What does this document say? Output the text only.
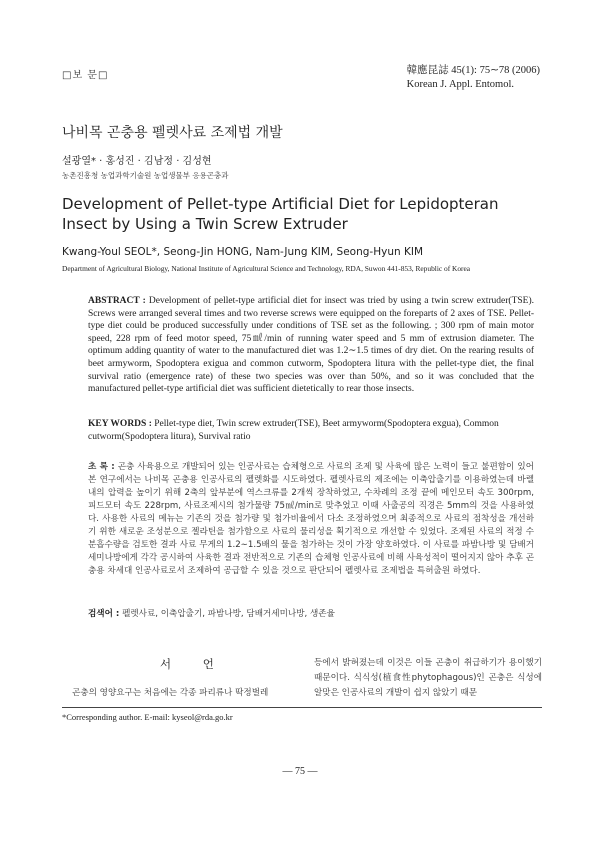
□보 문□	韓應昆誌 45(1): 75∼78 (2006)
Korean J. Appl. Entomol.
나비목 곤충용 펠렛사료 조제법 개발
설광열* · 홍성진 · 김남정 · 김성현
농촌진흥청 농업과학기술원 농업생물부 응용곤충과
Development of Pellet-type Artificial Diet for Lepidopteran Insect by Using a Twin Screw Extruder
Kwang-Youl SEOL*, Seong-Jin HONG, Nam-Jung KIM, Seong-Hyun KIM
Department of Agricultural Biology, National Institute of Agricultural Science and Technology, RDA, Suwon 441-853, Republic of Korea
ABSTRACT : Development of pellet-type artificial diet for insect was tried by using a twin screw extruder(TSE). Screws were arranged several times and two reverse screws were equipped on the foreparts of 2 axes of TSE. Pellet-type diet could be produced successfully under conditions of TSE set as the following. ; 300 rpm of main motor speed, 228 rpm of feed motor speed, 75㎖/min of running water speed and 5 mm of extrusion diameter. The optimum adding quantity of water to the manufactured diet was 1.2∼1.5 times of dry diet. On the rearing results of beet armyworm, Spodoptera exigua and common cutworm, Spodoptera litura with the pellet-type diet, the final survival ratio (emergence rate) of these two species was over than 50%, and so it was concluded that the manufactured pellet-type artificial diet was sufficient dietetically to rear those insects.
KEY WORDS : Pellet-type diet, Twin screw extruder(TSE), Beet armyworm(Spodoptera exgua), Common cutworm(Spodoptera litura), Survival ratio
초 록 : 곤충 사육용으로 개발되어 있는 인공사료는 습체형으로 사료의 조제 및 사육에 많은 노력이 들고 불편함이 있어 본 연구에서는 나비목 곤충용 인공사료의 펠렛화를 시도하였다. 펠렛사료의 제조에는 이축압출기를 이용하였는데 바렐 내의 압력을 높이기 위해 2축의 앞부분에 역스크류를 2개씩 장착하였고, 수차례의 조정 끝에 메인모터 속도 300rpm, 피드모터 속도 228rpm, 사료조제시의 첨가물량 75㎖/min로 맞추었고 이때 사출공의 직경은 5mm의 것을 사용하였다. 사용한 사료의 메뉴는 기존의 것을 첨가량 및 첨가비율에서 다소 조정하였으며 최종적으로 사료의 점착성을 개선하기 위한 새로운 조성분으로 젤라틴을 첨가함으로 사료의 물리성을 획기적으로 개선할 수 있었다. 조제된 사료의 적정 수분흡수량을 검토한 결과 사료 무게의 1.2∼1.5배의 물을 첨가하는 것이 가장 양호하였다. 이 사료를 파밤나방 및 담배거세미나방에게 각각 공시하여 사육한 결과 전반적으로 기존의 습체형 인공사료에 비해 사육성적이 떨어지지 않아 추후 곤충용 차세대 인공사료로서 조제하여 공급할 수 있을 것으로 판단되어 펠렛사료 조제법을 특허출원 하였다.
검색어 : 펠렛사료, 이축압출기, 파밤나방, 담배거세미나방, 생존율
서 언
곤충의 영양요구는 처음에는 각종 파리류나 딱정벌레
등에서 밝혀졌는데 이것은 이들 곤충이 취급하기가 용이했기 때문이다. 식식성(植食性phytophagous)인 곤충은 식성에 알맞은 인공사료의 개발이 쉽지 않았기 때문
*Corresponding author. E-mail: kyseol@rda.go.kr
— 75 —
